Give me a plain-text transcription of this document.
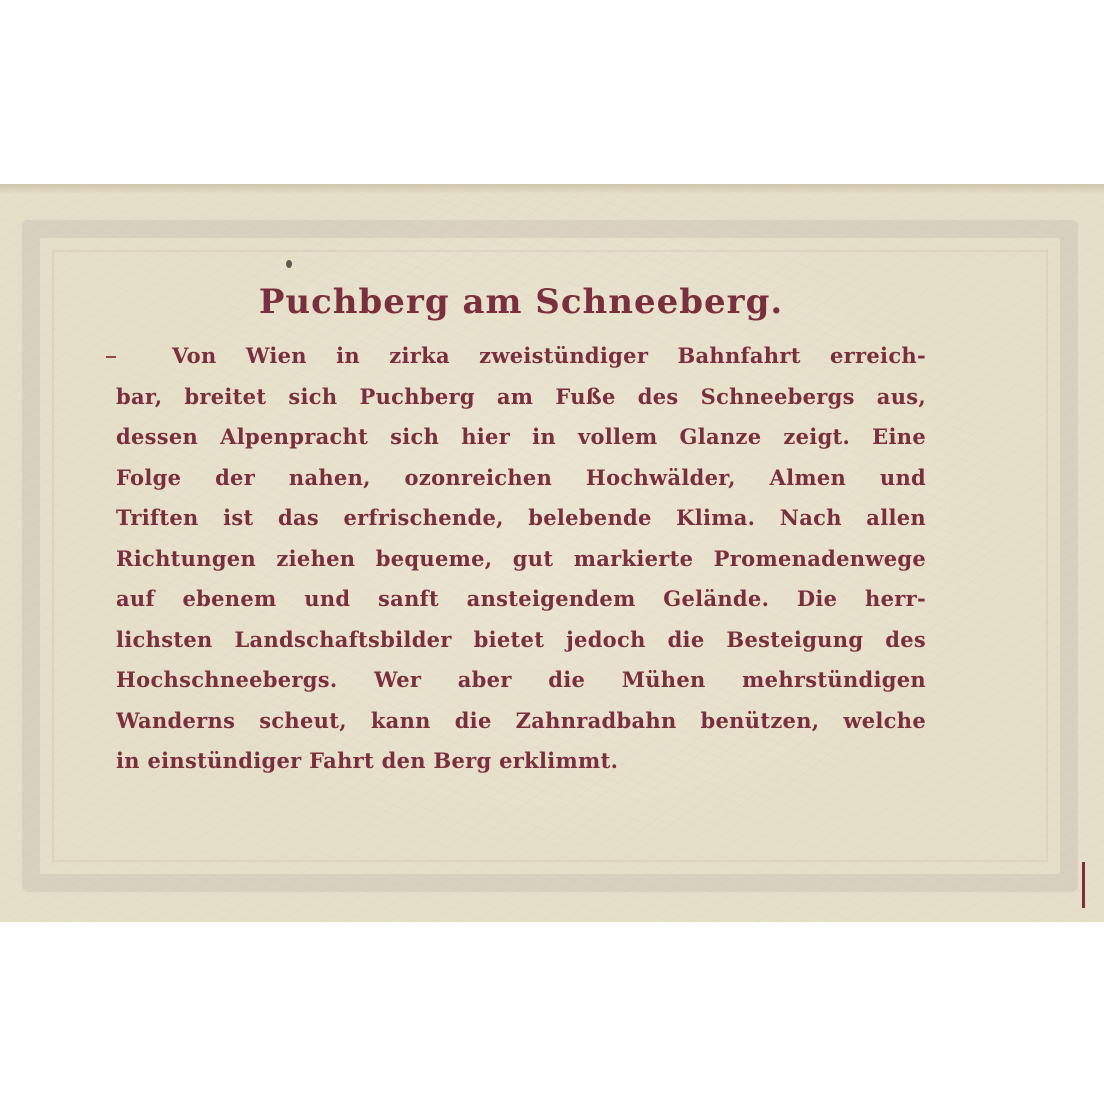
Puchberg am Schneeberg.
Von Wien in zirka zweistündiger Bahnfahrt erreich-
bar, breitet sich Puchberg am Fuße des Schneebergs aus,
dessen Alpenpracht sich hier in vollem Glanze zeigt. Eine
Folge der nahen, ozonreichen Hochwälder, Almen und
Triften ist das erfrischende, belebende Klima. Nach allen
Richtungen ziehen bequeme, gut markierte Promenadenwege
auf ebenem und sanft ansteigendem Gelände. Die herr-
lichsten Landschaftsbilder bietet jedoch die Besteigung des
Hochschneebergs. Wer aber die Mühen mehrstündigen
Wanderns scheut, kann die Zahnradbahn benützen, welche
in einstündiger Fahrt den Berg erklimmt.
